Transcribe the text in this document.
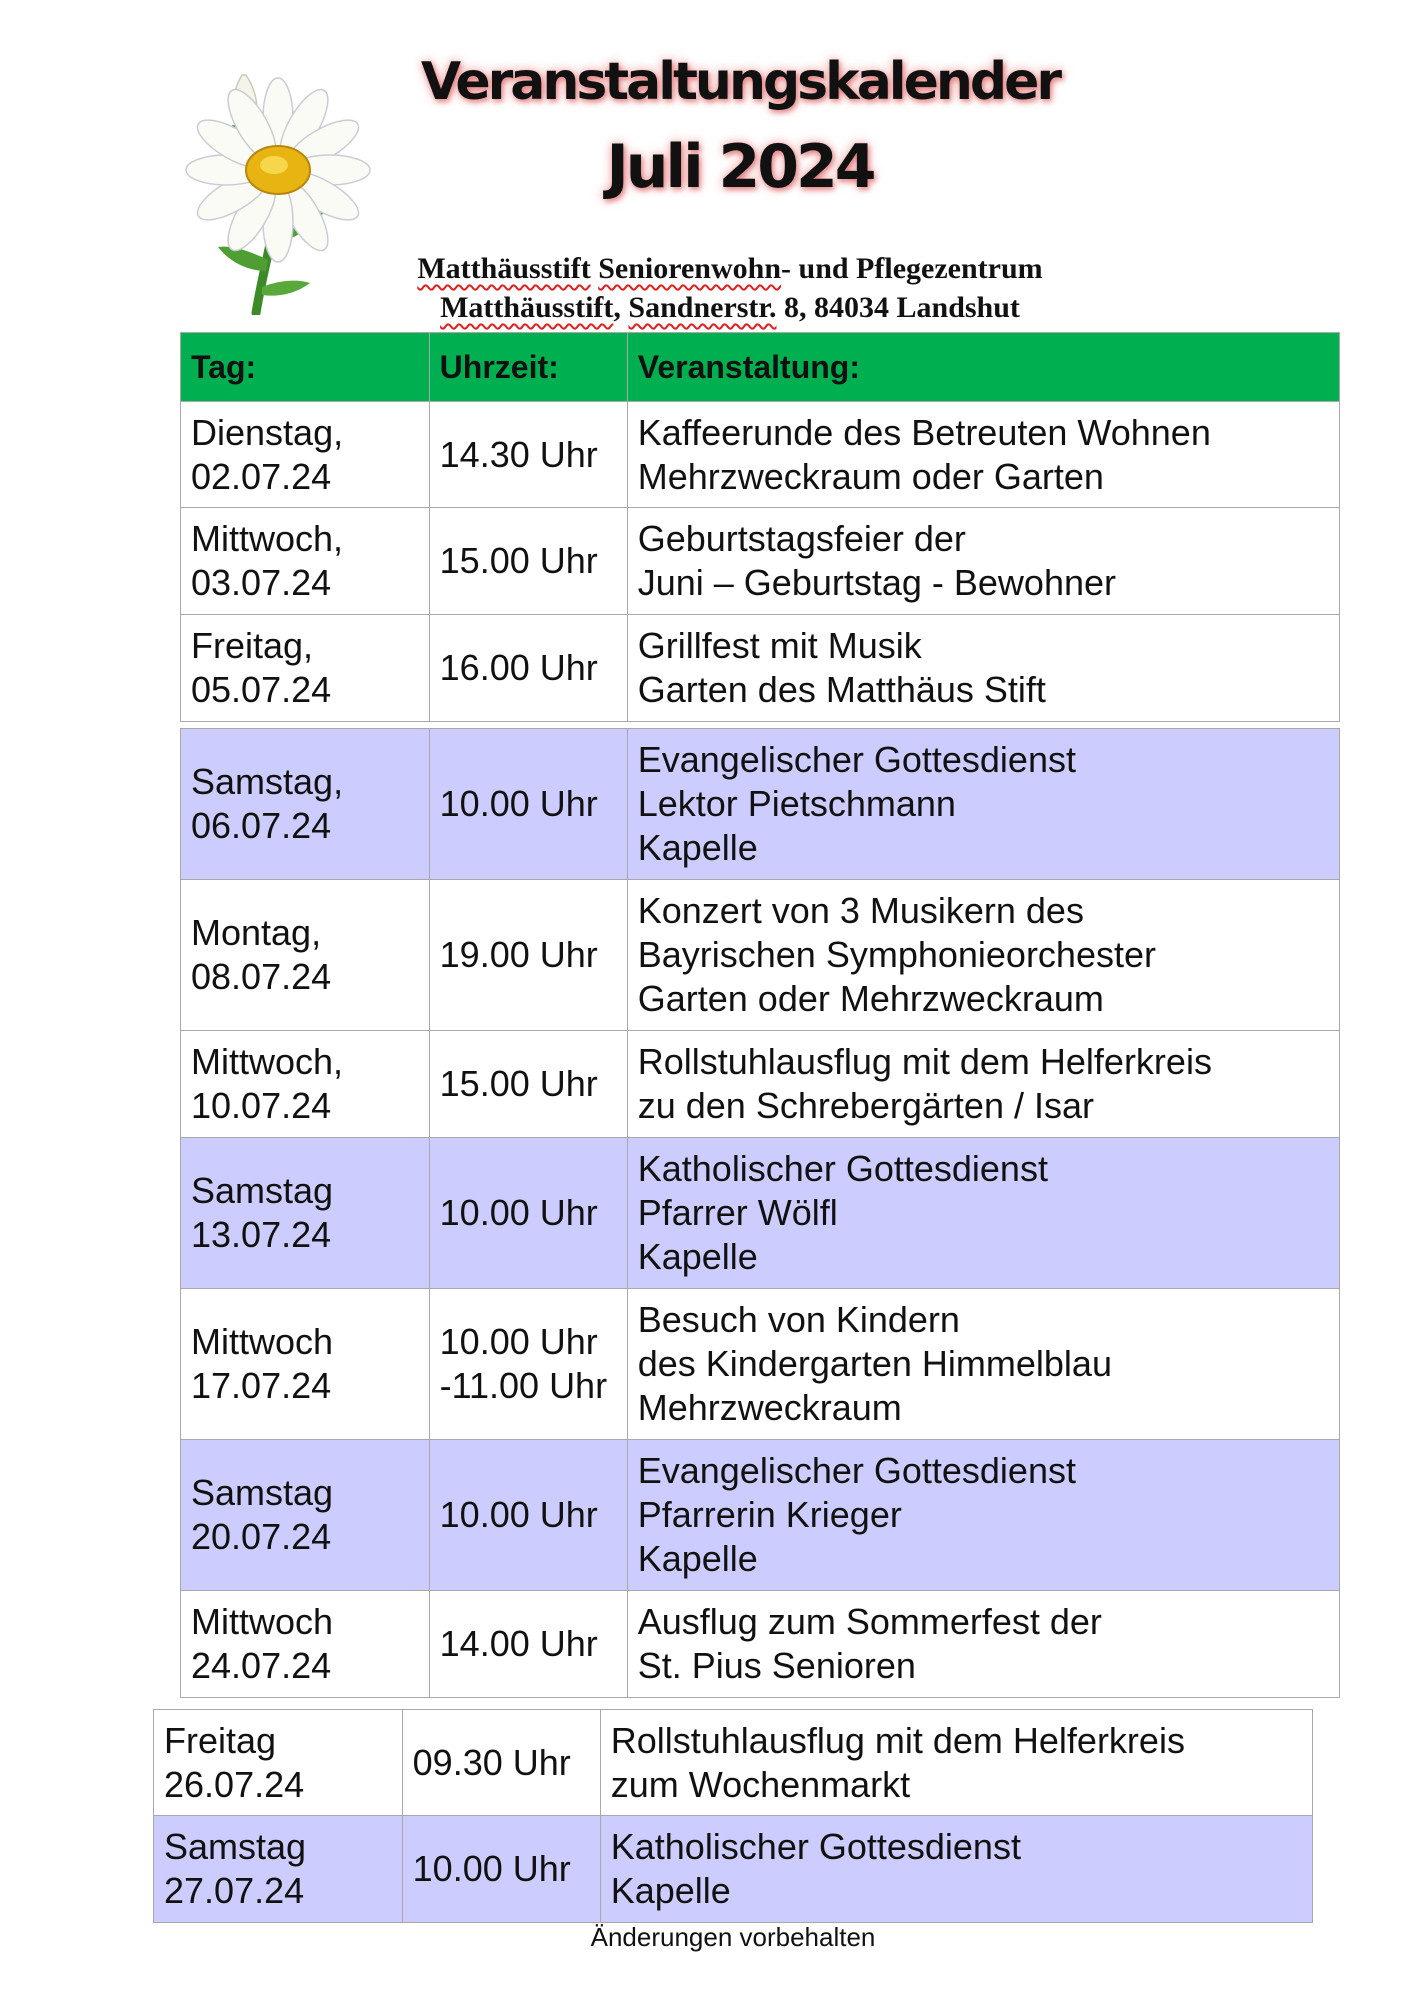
Veranstaltungskalender
Juli 2024
Matthäusstift Seniorenwohn- und Pflegezentrum
Matthäusstift, Sandnerstr. 8, 84034 Landshut
Tag:	Uhrzeit:	Veranstaltung:

Dienstag,
02.07.24	14.30 Uhr	Kaffeerunde des Betreuten Wohnen
Mehrzweckraum oder Garten

Mittwoch,
03.07.24	15.00 Uhr	Geburtstagsfeier der
Juni – Geburtstag - Bewohner

Freitag,
05.07.24	16.00 Uhr	Grillfest mit Musik
Garten des Matthäus Stift
Samstag,
06.07.24	10.00 Uhr	Evangelischer Gottesdienst
Lektor Pietschmann
Kapelle

Montag,
08.07.24	19.00 Uhr	Konzert von 3 Musikern des
Bayrischen Symphonieorchester
Garten oder Mehrzweckraum

Mittwoch,
10.07.24	15.00 Uhr	Rollstuhlausflug mit dem Helferkreis
zu den Schrebergärten / Isar

Samstag
13.07.24	10.00 Uhr	Katholischer Gottesdienst
Pfarrer Wölfl
Kapelle

Mittwoch
17.07.24	10.00 Uhr
-11.00 Uhr	Besuch von Kindern
des Kindergarten Himmelblau
Mehrzweckraum

Samstag
20.07.24	10.00 Uhr	Evangelischer Gottesdienst
Pfarrerin Krieger
Kapelle

Mittwoch
24.07.24	14.00 Uhr	Ausflug zum Sommerfest der
St. Pius Senioren
Freitag
26.07.24	09.30 Uhr	Rollstuhlausflug mit dem Helferkreis
zum Wochenmarkt

Samstag
27.07.24	10.00 Uhr	Katholischer Gottesdienst
Kapelle
Änderungen vorbehalten
